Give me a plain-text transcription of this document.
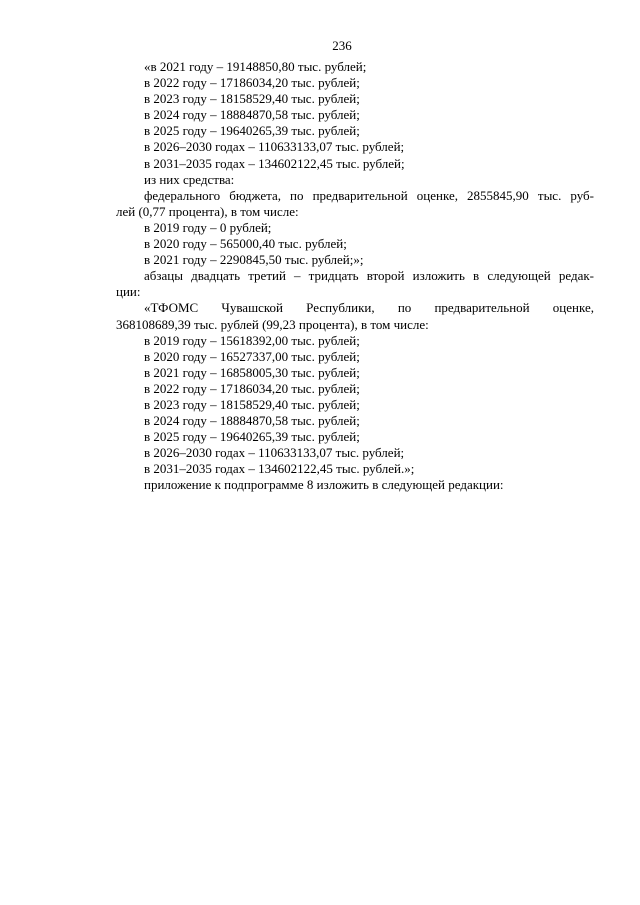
236
«в 2021 году – 19148850,80 тыс. рублей;
в 2022 году – 17186034,20 тыс. рублей;
в 2023 году – 18158529,40 тыс. рублей;
в 2024 году – 18884870,58 тыс. рублей;
в 2025 году – 19640265,39 тыс. рублей;
в 2026–2030 годах – 110633133,07 тыс. рублей;
в 2031–2035 годах – 134602122,45 тыс. рублей;
из них средства:
федерального бюджета, по предварительной оценке, 2855845,90 тыс. руб-
лей (0,77 процента), в том числе:
в 2019 году – 0 рублей;
в 2020 году – 565000,40 тыс. рублей;
в 2021 году – 2290845,50 тыс. рублей;»;
абзацы двадцать третий – тридцать второй изложить в следующей редак-
ции:
«ТФОМС Чувашской Республики, по предварительной оценке,
368108689,39 тыс. рублей (99,23 процента), в том числе:
в 2019 году – 15618392,00 тыс. рублей;
в 2020 году – 16527337,00 тыс. рублей;
в 2021 году – 16858005,30 тыс. рублей;
в 2022 году – 17186034,20 тыс. рублей;
в 2023 году – 18158529,40 тыс. рублей;
в 2024 году – 18884870,58 тыс. рублей;
в 2025 году – 19640265,39 тыс. рублей;
в 2026–2030 годах – 110633133,07 тыс. рублей;
в 2031–2035 годах – 134602122,45 тыс. рублей.»;
приложение к подпрограмме 8 изложить в следующей редакции:
